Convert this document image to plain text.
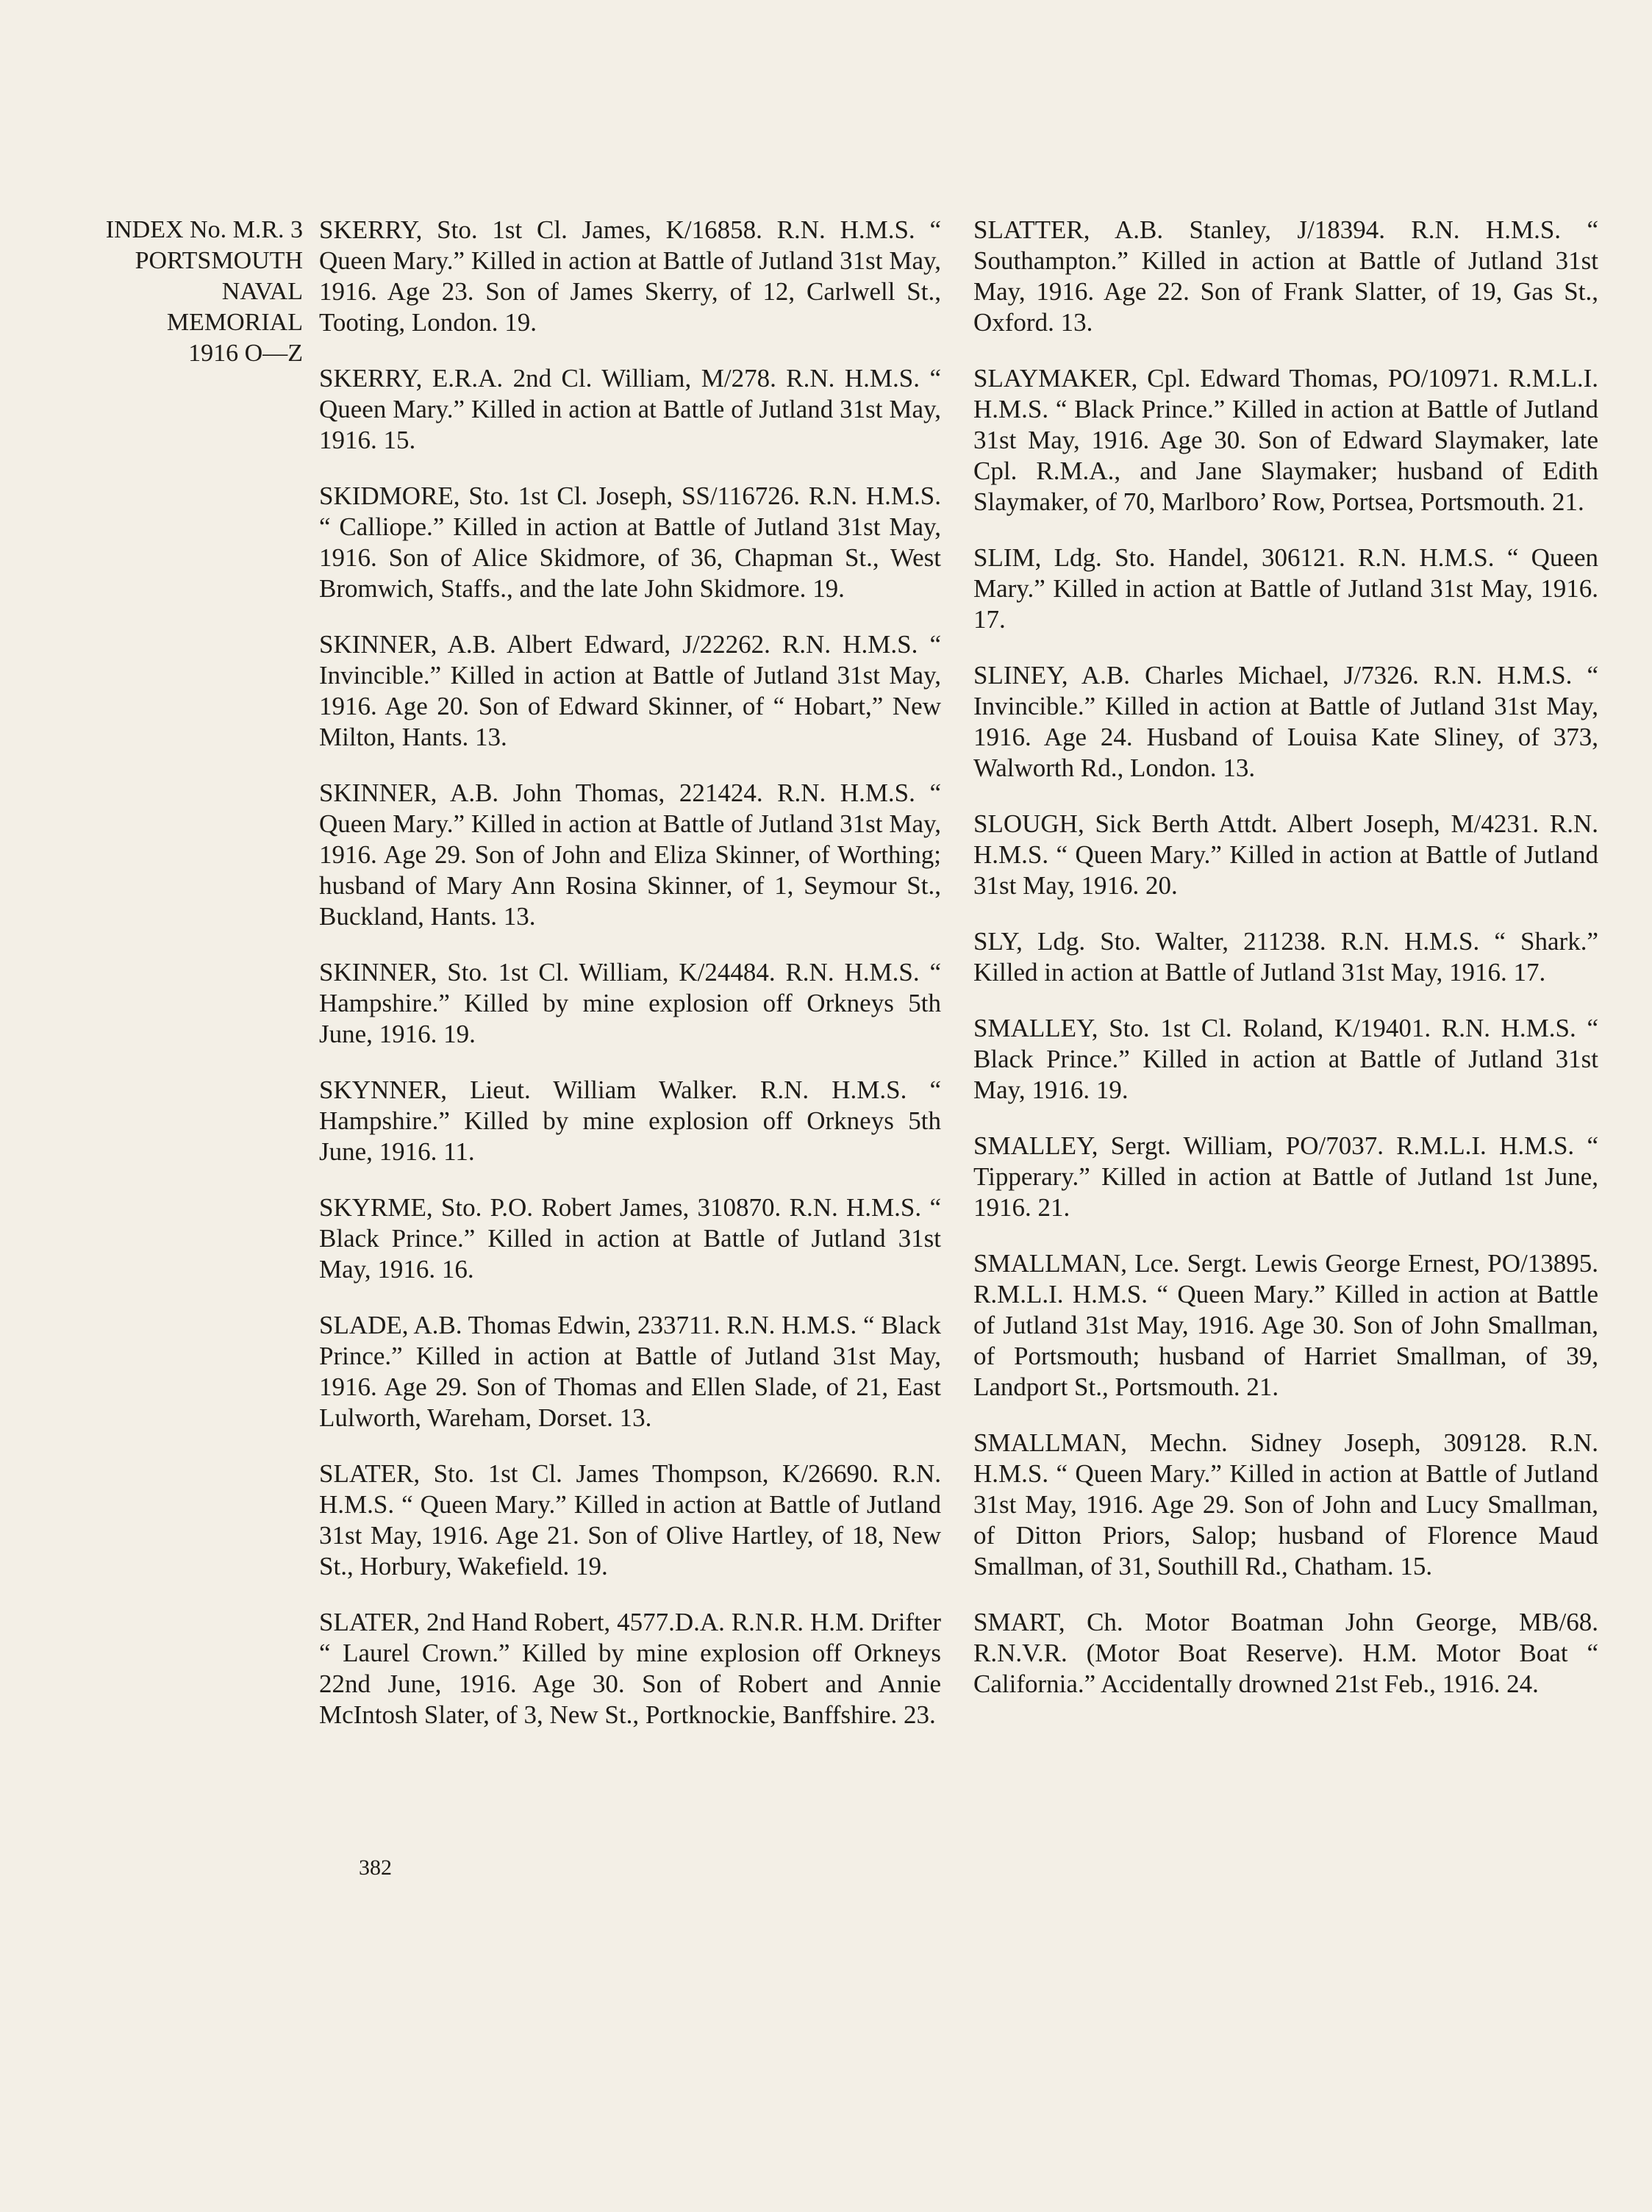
INDEX No. M.R. 3
PORTSMOUTH
NAVAL
MEMORIAL
1916 O—Z

SKERRY, Sto. 1st Cl. James, K/16858. R.N. H.M.S. “ Queen Mary.” Killed in action at Battle of Jutland 31st May, 1916. Age 23. Son of James Skerry, of 12, Carlwell St., Tooting, London. 19.

SKERRY, E.R.A. 2nd Cl. William, M/278. R.N. H.M.S. “ Queen Mary.” Killed in action at Battle of Jutland 31st May, 1916. 15.

SKIDMORE, Sto. 1st Cl. Joseph, SS/116726. R.N. H.M.S. “ Calliope.” Killed in action at Battle of Jutland 31st May, 1916. Son of Alice Skidmore, of 36, Chapman St., West Bromwich, Staffs., and the late John Skidmore. 19.

SKINNER, A.B. Albert Edward, J/22262. R.N. H.M.S. “ Invincible.” Killed in action at Battle of Jutland 31st May, 1916. Age 20. Son of Edward Skinner, of “ Hobart,” New Milton, Hants. 13.

SKINNER, A.B. John Thomas, 221424. R.N. H.M.S. “ Queen Mary.” Killed in action at Battle of Jutland 31st May, 1916. Age 29. Son of John and Eliza Skinner, of Worthing; husband of Mary Ann Rosina Skinner, of 1, Seymour St., Buckland, Hants. 13.

SKINNER, Sto. 1st Cl. William, K/24484. R.N. H.M.S. “ Hampshire.” Killed by mine explosion off Orkneys 5th June, 1916. 19.

SKYNNER, Lieut. William Walker. R.N. H.M.S. “ Hampshire.” Killed by mine explosion off Orkneys 5th June, 1916. 11.

SKYRME, Sto. P.O. Robert James, 310870. R.N. H.M.S. “ Black Prince.” Killed in action at Battle of Jutland 31st May, 1916. 16.

SLADE, A.B. Thomas Edwin, 233711. R.N. H.M.S. “ Black Prince.” Killed in action at Battle of Jutland 31st May, 1916. Age 29. Son of Thomas and Ellen Slade, of 21, East Lulworth, Wareham, Dorset. 13.

SLATER, Sto. 1st Cl. James Thompson, K/26690. R.N. H.M.S. “ Queen Mary.” Killed in action at Battle of Jutland 31st May, 1916. Age 21. Son of Olive Hartley, of 18, New St., Horbury, Wakefield. 19.

SLATER, 2nd Hand Robert, 4577.D.A. R.N.R. H.M. Drifter “ Laurel Crown.” Killed by mine explosion off Orkneys 22nd June, 1916. Age 30. Son of Robert and Annie McIntosh Slater, of 3, New St., Portknockie, Banffshire. 23.

SLATTER, A.B. Stanley, J/18394. R.N. H.M.S. “ Southampton.” Killed in action at Battle of Jutland 31st May, 1916. Age 22. Son of Frank Slatter, of 19, Gas St., Oxford. 13.

SLAYMAKER, Cpl. Edward Thomas, PO/10971. R.M.L.I. H.M.S. “ Black Prince.” Killed in action at Battle of Jutland 31st May, 1916. Age 30. Son of Edward Slaymaker, late Cpl. R.M.A., and Jane Slaymaker; husband of Edith Slaymaker, of 70, Marlboro’ Row, Portsea, Portsmouth. 21.

SLIM, Ldg. Sto. Handel, 306121. R.N. H.M.S. “ Queen Mary.” Killed in action at Battle of Jutland 31st May, 1916. 17.

SLINEY, A.B. Charles Michael, J/7326. R.N. H.M.S. “ Invincible.” Killed in action at Battle of Jutland 31st May, 1916. Age 24. Husband of Louisa Kate Sliney, of 373, Walworth Rd., London. 13.

SLOUGH, Sick Berth Attdt. Albert Joseph, M/4231. R.N. H.M.S. “ Queen Mary.” Killed in action at Battle of Jutland 31st May, 1916. 20.

SLY, Ldg. Sto. Walter, 211238. R.N. H.M.S. “ Shark.” Killed in action at Battle of Jutland 31st May, 1916. 17.

SMALLEY, Sto. 1st Cl. Roland, K/19401. R.N. H.M.S. “ Black Prince.” Killed in action at Battle of Jutland 31st May, 1916. 19.

SMALLEY, Sergt. William, PO/7037. R.M.L.I. H.M.S. “ Tipperary.” Killed in action at Battle of Jutland 1st June, 1916. 21.

SMALLMAN, Lce. Sergt. Lewis George Ernest, PO/13895. R.M.L.I. H.M.S. “ Queen Mary.” Killed in action at Battle of Jutland 31st May, 1916. Age 30. Son of John Smallman, of Portsmouth; husband of Harriet Smallman, of 39, Landport St., Portsmouth. 21.

SMALLMAN, Mechn. Sidney Joseph, 309128. R.N. H.M.S. “ Queen Mary.” Killed in action at Battle of Jutland 31st May, 1916. Age 29. Son of John and Lucy Smallman, of Ditton Priors, Salop; husband of Florence Maud Smallman, of 31, Southill Rd., Chatham. 15.

SMART, Ch. Motor Boatman John George, MB/68. R.N.V.R. (Motor Boat Reserve). H.M. Motor Boat “ California.” Accidentally drowned 21st Feb., 1916. 24.

382
